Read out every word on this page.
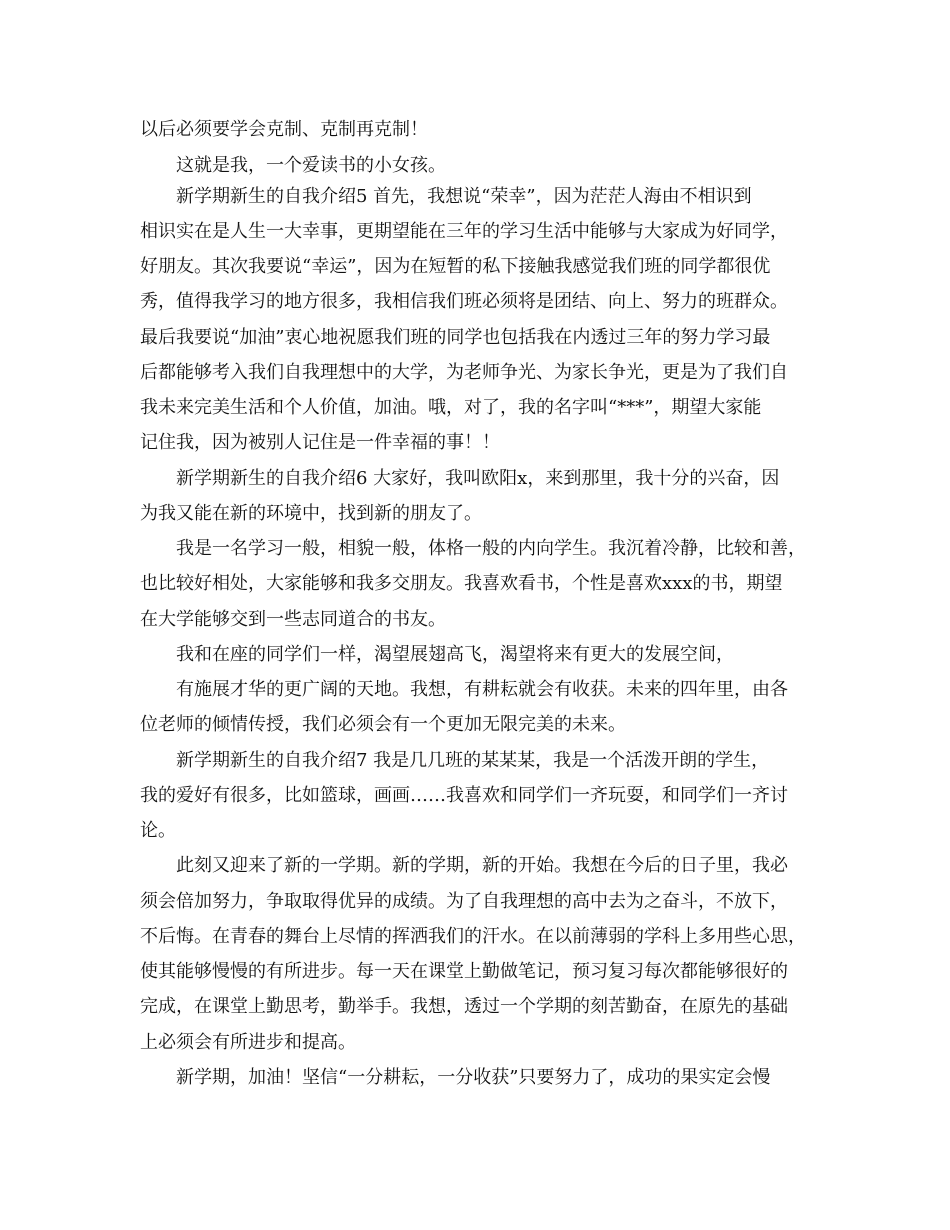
以后必须要学会克制、克制再克制！
这就是我，一个爱读书的小女孩。
新学期新生的自我介绍5 首先，我想说“荣幸”，因为茫茫人海由不相识到
相识实在是人生一大幸事，更期望能在三年的学习生活中能够与大家成为好同学，
好朋友。其次我要说“幸运”，因为在短暂的私下接触我感觉我们班的同学都很优
秀，值得我学习的地方很多，我相信我们班必须将是团结、向上、努力的班群众。
最后我要说“加油”衷心地祝愿我们班的同学也包括我在内透过三年的努力学习最
后都能够考入我们自我理想中的大学，为老师争光、为家长争光，更是为了我们自
我未来完美生活和个人价值，加油。哦，对了，我的名字叫“***”，期望大家能
记住我，因为被别人记住是一件幸福的事！！
新学期新生的自我介绍6 大家好，我叫欧阳x，来到那里，我十分的兴奋，因
为我又能在新的环境中，找到新的朋友了。
我是一名学习一般，相貌一般，体格一般的内向学生。我沉着冷静，比较和善，
也比较好相处，大家能够和我多交朋友。我喜欢看书，个性是喜欢xxx的书，期望
在大学能够交到一些志同道合的书友。
我和在座的同学们一样，渴望展翅高飞，渴望将来有更大的发展空间，
有施展才华的更广阔的天地。我想，有耕耘就会有收获。未来的四年里，由各
位老师的倾情传授，我们必须会有一个更加无限完美的未来。
新学期新生的自我介绍7 我是几几班的某某某，我是一个活泼开朗的学生，
我的爱好有很多，比如篮球，画画……我喜欢和同学们一齐玩耍，和同学们一齐讨
论。
此刻又迎来了新的一学期。新的学期，新的开始。我想在今后的日子里，我必
须会倍加努力，争取取得优异的成绩。为了自我理想的高中去为之奋斗，不放下，
不后悔。在青春的舞台上尽情的挥洒我们的汗水。在以前薄弱的学科上多用些心思，
使其能够慢慢的有所进步。每一天在课堂上勤做笔记，预习复习每次都能够很好的
完成，在课堂上勤思考，勤举手。我想，透过一个学期的刻苦勤奋，在原先的基础
上必须会有所进步和提高。
新学期，加油！坚信“一分耕耘，一分收获”只要努力了，成功的果实定会慢
